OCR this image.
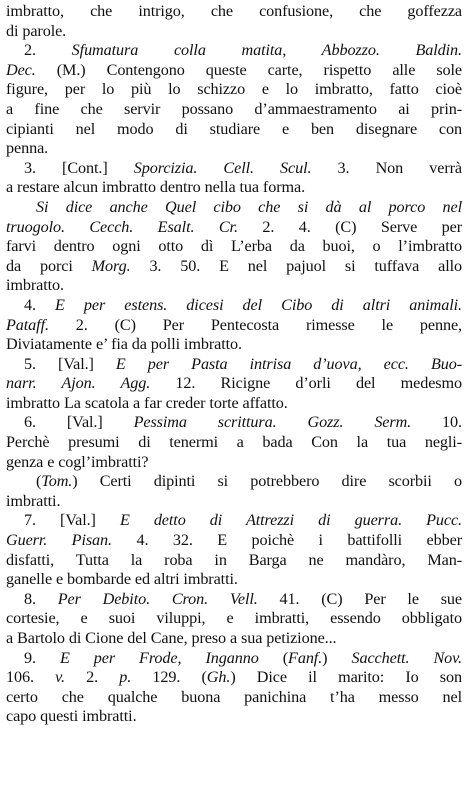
imbratto, che intrigo, che confusione, che goffezza
di parole.
2. Sfumatura colla matita, Abbozzo. Baldin.
Dec. (M.) Contengono queste carte, rispetto alle sole
figure, per lo più lo schizzo e lo imbratto, fatto cioè
a fine che servir possano d’ammaestramento ai prin-
cipianti nel modo di studiare e ben disegnare con
penna.
3. [Cont.] Sporcizia. Cell. Scul. 3. Non verrà
a restare alcun imbratto dentro nella tua forma.
Si dice anche Quel cibo che si dà al porco nel
truogolo. Cecch. Esalt. Cr. 2. 4. (C) Serve per
farvi dentro ogni otto dì L’erba da buoi, o l’imbratto
da porci Morg. 3. 50. E nel pajuol si tuffava allo
imbratto.
4. E per estens. dicesi del Cibo di altri animali.
Pataff. 2. (C) Per Pentecosta rimesse le penne,
Diviatamente e’ fia da polli imbratto.
5. [Val.] E per Pasta intrisa d’uova, ecc. Buo-
narr. Ajon. Agg. 12. Ricigne d’orli del medesmo
imbratto La scatola a far creder torte affatto.
6. [Val.] Pessima scrittura. Gozz. Serm. 10.
Perchè presumi di tenermi a bada Con la tua negli-
genza e cogl’imbratti?
(Tom.) Certi dipinti si potrebbero dire scorbii o
imbratti.
7. [Val.] E detto di Attrezzi di guerra. Pucc.
Guerr. Pisan. 4. 32. E poichè i battifolli ebber
disfatti, Tutta la roba in Barga ne mandàro, Man-
ganelle e bombarde ed altri imbratti.
8. Per Debito. Cron. Vell. 41. (C) Per le sue
cortesie, e suoi viluppi, e imbratti, essendo obbligato
a Bartolo di Cione del Cane, preso a sua petizione...
9. E per Frode, Inganno (Fanf.) Sacchett. Nov.
106. v. 2. p. 129. (Gh.) Dice il marito: Io son
certo che qualche buona panichina t’ha messo nel
capo questi imbratti.
